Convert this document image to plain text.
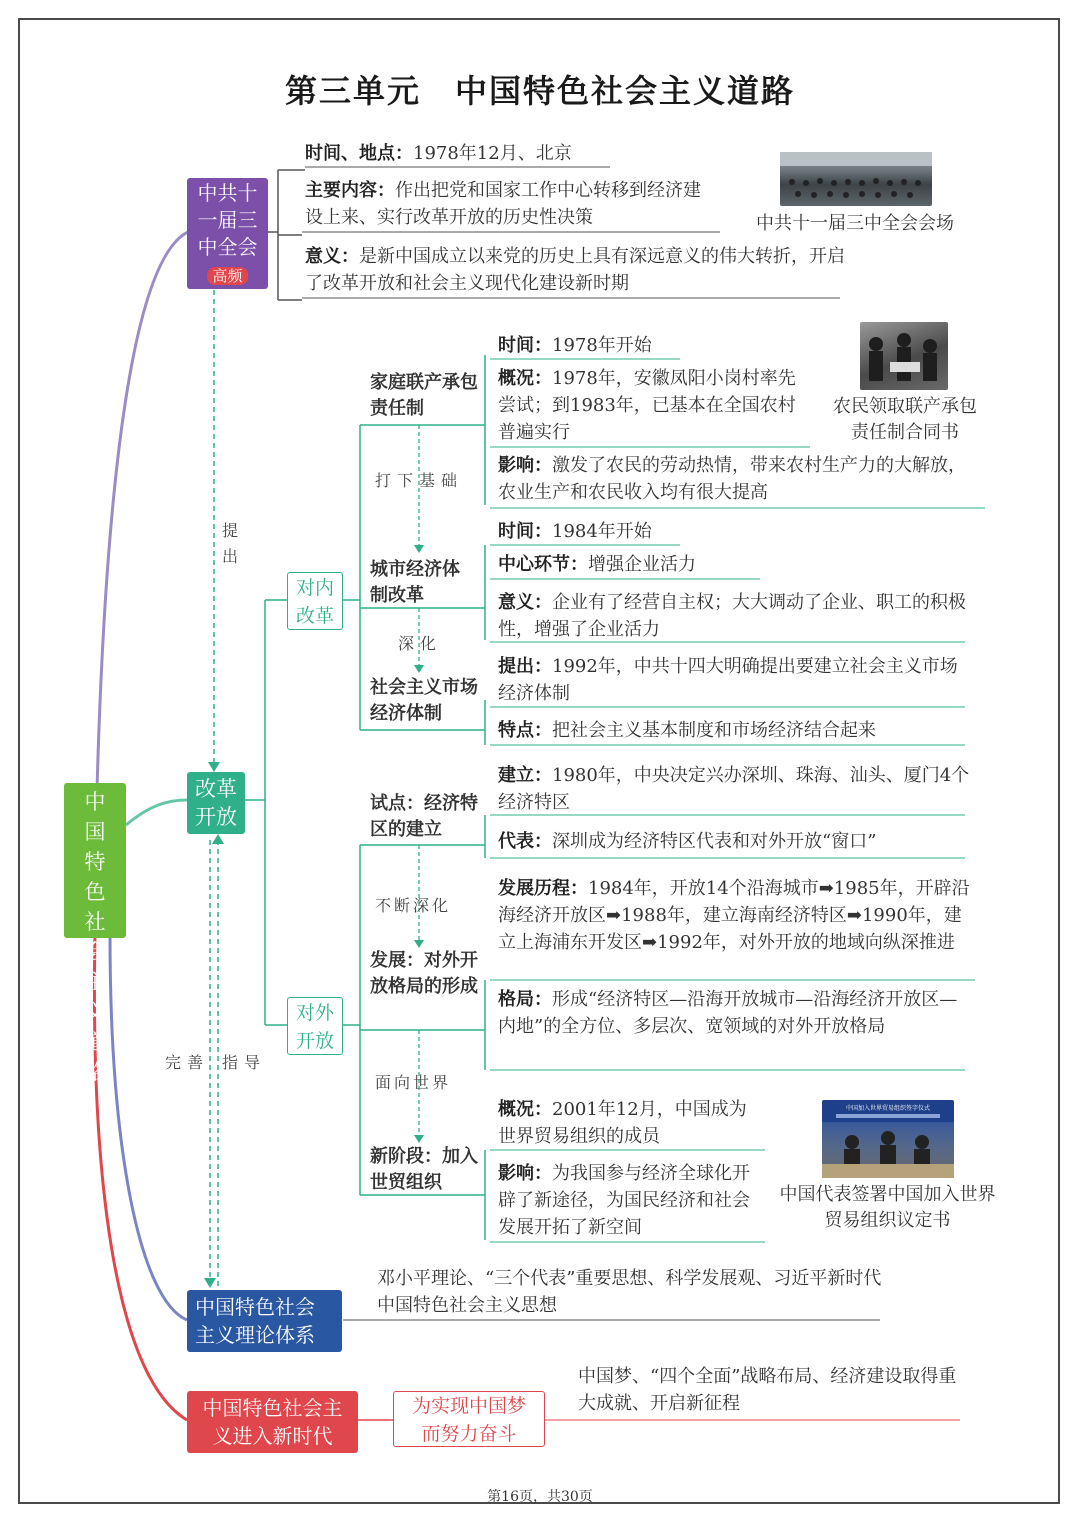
第三单元　中国特色社会主义道路
中国特色社会主义道路
中共十一届三中全会
高频
改革开放
对内改革
对外开放
中国特色社会主义理论体系
中国特色社会主义进入新时代
为实现中国梦而努力奋斗
提出
完善 指导
时间、地点：1978年12月、北京
主要内容：作出把党和国家工作中心转移到经济建设上来、实行改革开放的历史性决策
意义：是新中国成立以来党的历史上具有深远意义的伟大转折，开启了改革开放和社会主义现代化建设新时期
中共十一届三中全会会场
家庭联产承包责任制
时间：1978年开始
概况：1978年，安徽凤阳小岗村率先尝试；到1983年，已基本在全国农村普遍实行
影响：激发了农民的劳动热情，带来农村生产力的大解放，农业生产和农民收入均有很大提高
农民领取联产承包责任制合同书
打下基础
城市经济体制改革
时间：1984年开始
中心环节：增强企业活力
意义：企业有了经营自主权；大大调动了企业、职工的积极性，增强了企业活力
深化
社会主义市场经济体制
提出：1992年，中共十四大明确提出要建立社会主义市场经济体制
特点：把社会主义基本制度和市场经济结合起来
试点：经济特区的建立
建立：1980年，中央决定兴办深圳、珠海、汕头、厦门4个经济特区
代表：深圳成为经济特区代表和对外开放“窗口”
不断深化
发展：对外开放格局的形成
发展历程：1984年，开放14个沿海城市➡1985年，开辟沿海经济开放区➡1988年，建立海南经济特区➡1990年，建立上海浦东开发区➡1992年，对外开放的地域向纵深推进
格局：形成“经济特区—沿海开放城市—沿海经济开放区—内地”的全方位、多层次、宽领域的对外开放格局
面向世界
新阶段：加入世贸组织
概况：2001年12月，中国成为世界贸易组织的成员
影响：为我国参与经济全球化开辟了新途径，为国民经济和社会发展开拓了新空间
中国加入世界贸易组织签字仪式
中国代表签署中国加入世界贸易组织议定书
邓小平理论、“三个代表”重要思想、科学发展观、习近平新时代中国特色社会主义思想
中国梦、“四个全面”战略布局、经济建设取得重大成就、开启新征程
第16页，共30页
